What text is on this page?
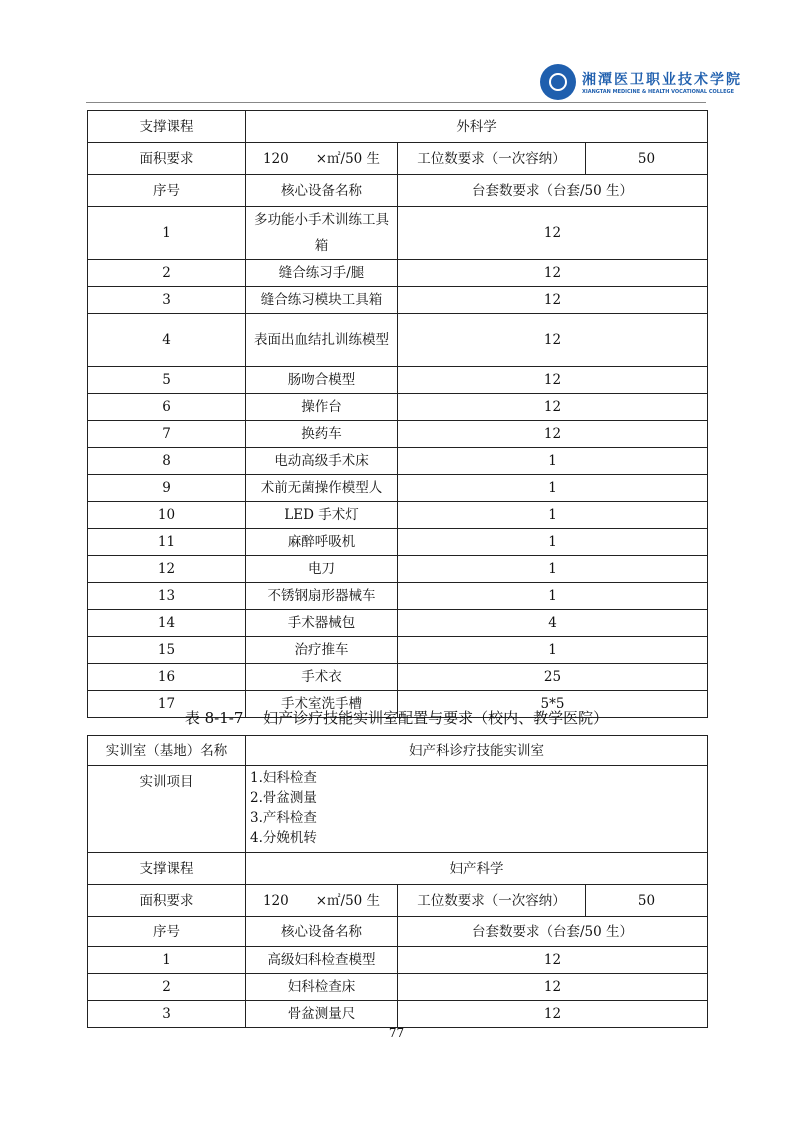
湘潭医卫职业技术学院
XIANGTAN MEDICINE & HEALTH VOCATIONAL COLLEGE
支撑课程	外科学		
面积要求	120　　×㎡/50 生	工位数要求（一次容纳）	50
序号	核心设备名称	台套数要求（台套/50 生）	
1	多功能小手术训练工具箱	12	
2	缝合练习手/腿	12	
3	缝合练习模块工具箱	12	
4	表面出血结扎训练模型	12	
5	肠吻合模型	12	
6	操作台	12	
7	换药车	12	
8	电动高级手术床	1	
9	术前无菌操作模型人	1	
10	LED 手术灯	1	
11	麻醉呼吸机	1	
12	电刀	1	
13	不锈钢扇形器械车	1	
14	手术器械包	4	
15	治疗推车	1	
16	手术衣	25	
17	手术室洗手槽	5*5	
表 8-1-7　 妇产诊疗技能实训室配置与要求（校内、教学医院）
实训室（基地）名称	妇产科诊疗技能实训室		
实训项目	1.妇科检查
2.骨盆测量
3.产科检查
4.分娩机转		

支撑课程	妇产科学		
面积要求	120　　×㎡/50 生	工位数要求（一次容纳）	50
序号	核心设备名称	台套数要求（台套/50 生）	
1	高级妇科检查模型	12	
2	妇科检查床	12	
3	骨盆测量尺	12	
77
